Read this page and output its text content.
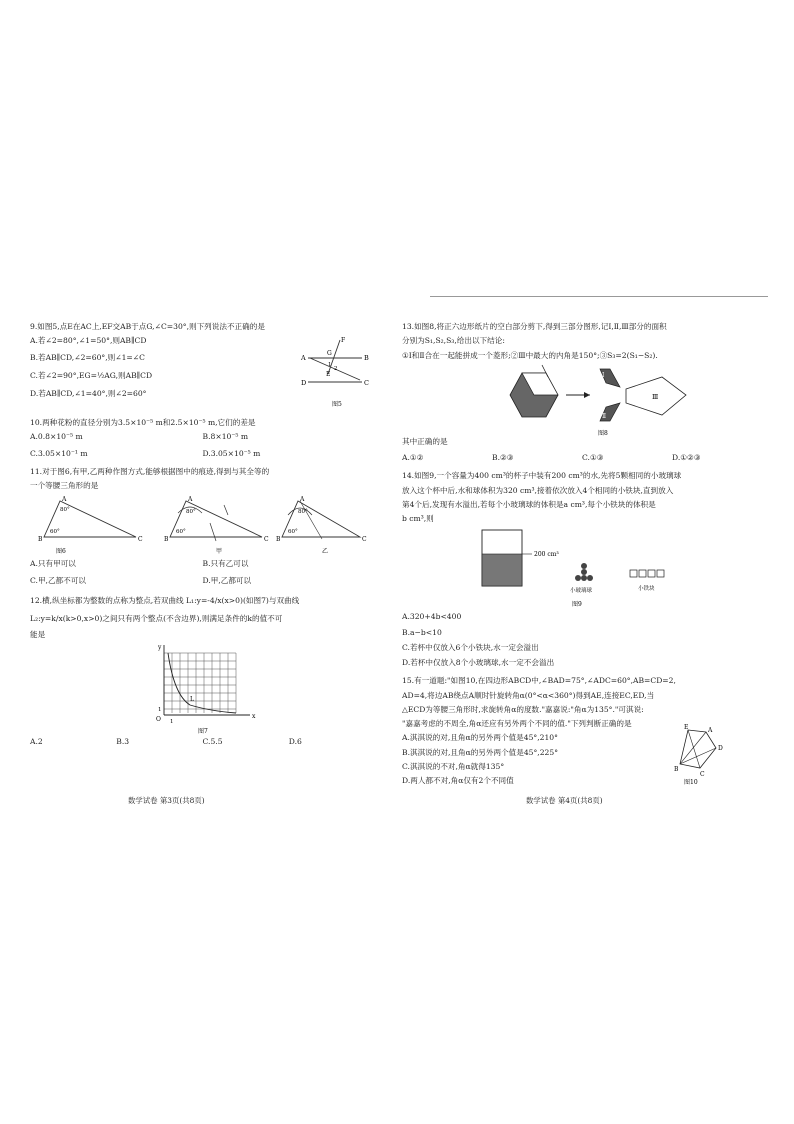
9.如图5,点E在AC上,EF交AB于点G,∠C=30°,则下列说法不正确的是
A.若∠2=80°,∠1=50°,则AB∥CD
B.若AB∥CD,∠2=60°,则∠1=∠C
C.若∠2=90°,EG=½AG,则AB∥CD
D.若AB∥CD,∠1=40°,则∠2=60°
A	B
C
D
E
F
G
1
2
图5
10.两种花粉的直径分别为3.5×10⁻⁵ m和2.5×10⁻⁵ m,它们的差是
A.0.8×10⁻⁵ m	B.8×10⁻⁵ m
C.3.05×10⁻¹ m	D.3.05×10⁻⁵ m
11.对于图6,有甲,乙两种作图方式,能够根据图中的痕迹,得到与其全等的
一个等腰三角形的是
A
B	C
80°
60°
图6
A
B	C
80°
60°
甲
A
B	C
80°
60°
乙
A.只有甲可以	B.只有乙可以
C.甲,乙都不可以	D.甲,乙都可以
12.横,纵坐标都为整数的点称为整点,若双曲线 L₁:y=-4/x(x>0)(如图7)与双曲线
L₂:y=k/x(k>0,x>0)之间只有两个整点(不含边界),则满足条件的k的值不可
能是
y
x
O 1
1
L
图7
A.2	B.3	C.5.5	D.6
数学试卷 第3页(共8页)
13.如图8,将正六边形纸片的空白部分剪下,得到三部分图形,记Ⅰ,Ⅱ,Ⅲ部分的面积
分别为S₁,S₂,S₃,给出以下结论:
①Ⅰ和Ⅱ合在一起能拼成一个菱形;②Ⅲ中最大的内角是150°;③S₃=2(S₁−S₂).
Ⅰ
Ⅱ
Ⅲ
图8
其中正确的是
A.①②	B.②③	C.①③	D.①②③
14.如图9,一个容量为400 cm³的杯子中装有200 cm³的水,先将5颗相同的小玻璃球
放入这个杯中后,水和球体积为320 cm³,接着依次放入4个相同的小铁块,直到放入
第4个后,发现有水溢出,若每个小玻璃球的体积是a cm³,每个小铁块的体积是
b cm³,则
200 cm³
小玻璃球	小铁块
图9
A.320+4b<400
B.a−b<10
C.若杯中仅放入6个小铁块,水一定会溢出
D.若杯中仅放入8个小玻璃球,水一定不会溢出
15.有一道题:"如图10,在四边形ABCD中,∠BAD=75°,∠ADC=60°,AB=CD=2,
AD=4,将边AB绕点A顺时针旋转角α(0°<α<360°)得到AE,连接EC,ED,当
△ECD为等腰三角形时,求旋转角α的度数."嘉嘉说:"角α为135°."可淇说:
"嘉嘉考虑的不周全,角α还应有另外两个不同的值."下列判断正确的是
A.淇淇说的对,且角α的另外两个值是45°,210°
B.淇淇说的对,且角α的另外两个值是45°,225°
C.淇淇说的不对,角α就得135°
D.两人都不对,角α仅有2个不同值
E	A
D
C
B
图10
数学试卷 第4页(共8页)
